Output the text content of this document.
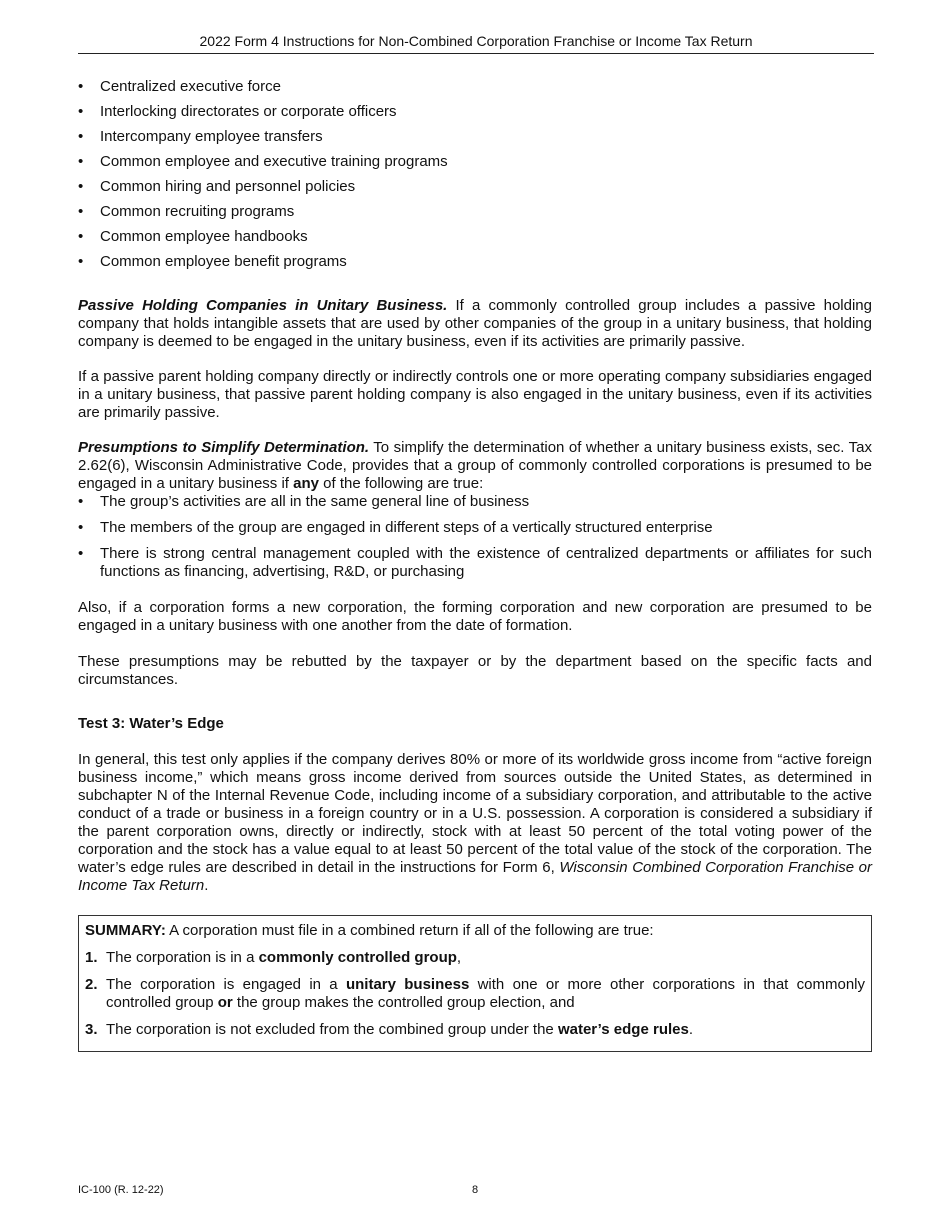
2022 Form 4 Instructions for Non-Combined Corporation Franchise or Income Tax Return
• Centralized executive force
• Interlocking directorates or corporate officers
• Intercompany employee transfers
• Common employee and executive training programs
• Common hiring and personnel policies
• Common recruiting programs
• Common employee handbooks
• Common employee benefit programs

Passive Holding Companies in Unitary Business. If a commonly controlled group includes a passive holding company that holds intangible assets that are used by other companies of the group in a unitary business, that holding company is deemed to be engaged in the unitary business, even if its activities are primarily passive.

If a passive parent holding company directly or indirectly controls one or more operating company subsidiaries engaged in a unitary business, that passive parent holding company is also engaged in the unitary business, even if its activities are primarily passive.

Presumptions to Simplify Determination. To simplify the determination of whether a unitary business exists, sec. Tax 2.62(6), Wisconsin Administrative Code, provides that a group of commonly controlled corporations is presumed to be engaged in a unitary business if any of the following are true:

• The group’s activities are all in the same general line of business
• The members of the group are engaged in different steps of a vertically structured enterprise
• There is strong central management coupled with the existence of centralized departments or affiliates for such functions as financing, advertising, R&D, or purchasing

Also, if a corporation forms a new corporation, the forming corporation and new corporation are presumed to be engaged in a unitary business with one another from the date of formation.

These presumptions may be rebutted by the taxpayer or by the department based on the specific facts and circumstances.

Test 3: Water’s Edge

In general, this test only applies if the company derives 80% or more of its worldwide gross income from “active foreign business income,” which means gross income derived from sources outside the United States, as determined in subchapter N of the Internal Revenue Code, including income of a subsidiary corporation, and attributable to the active conduct of a trade or business in a foreign country or in a U.S. possession. A corporation is considered a subsidiary if the parent corporation owns, directly or indirectly, stock with at least 50 percent of the total voting power of the corporation and the stock has a value equal to at least 50 percent of the total value of the stock of the corporation. The water’s edge rules are described in detail in the instructions for Form 6, Wisconsin Combined Corporation Franchise or Income Tax Return.

SUMMARY: A corporation must file in a combined return if all of the following are true:

1. The corporation is in a commonly controlled group,

2. The corporation is engaged in a unitary business with one or more other corporations in that commonly controlled group or the group makes the controlled group election, and

3. The corporation is not excluded from the combined group under the water’s edge rules.

IC-100 (R. 12-22)	8
